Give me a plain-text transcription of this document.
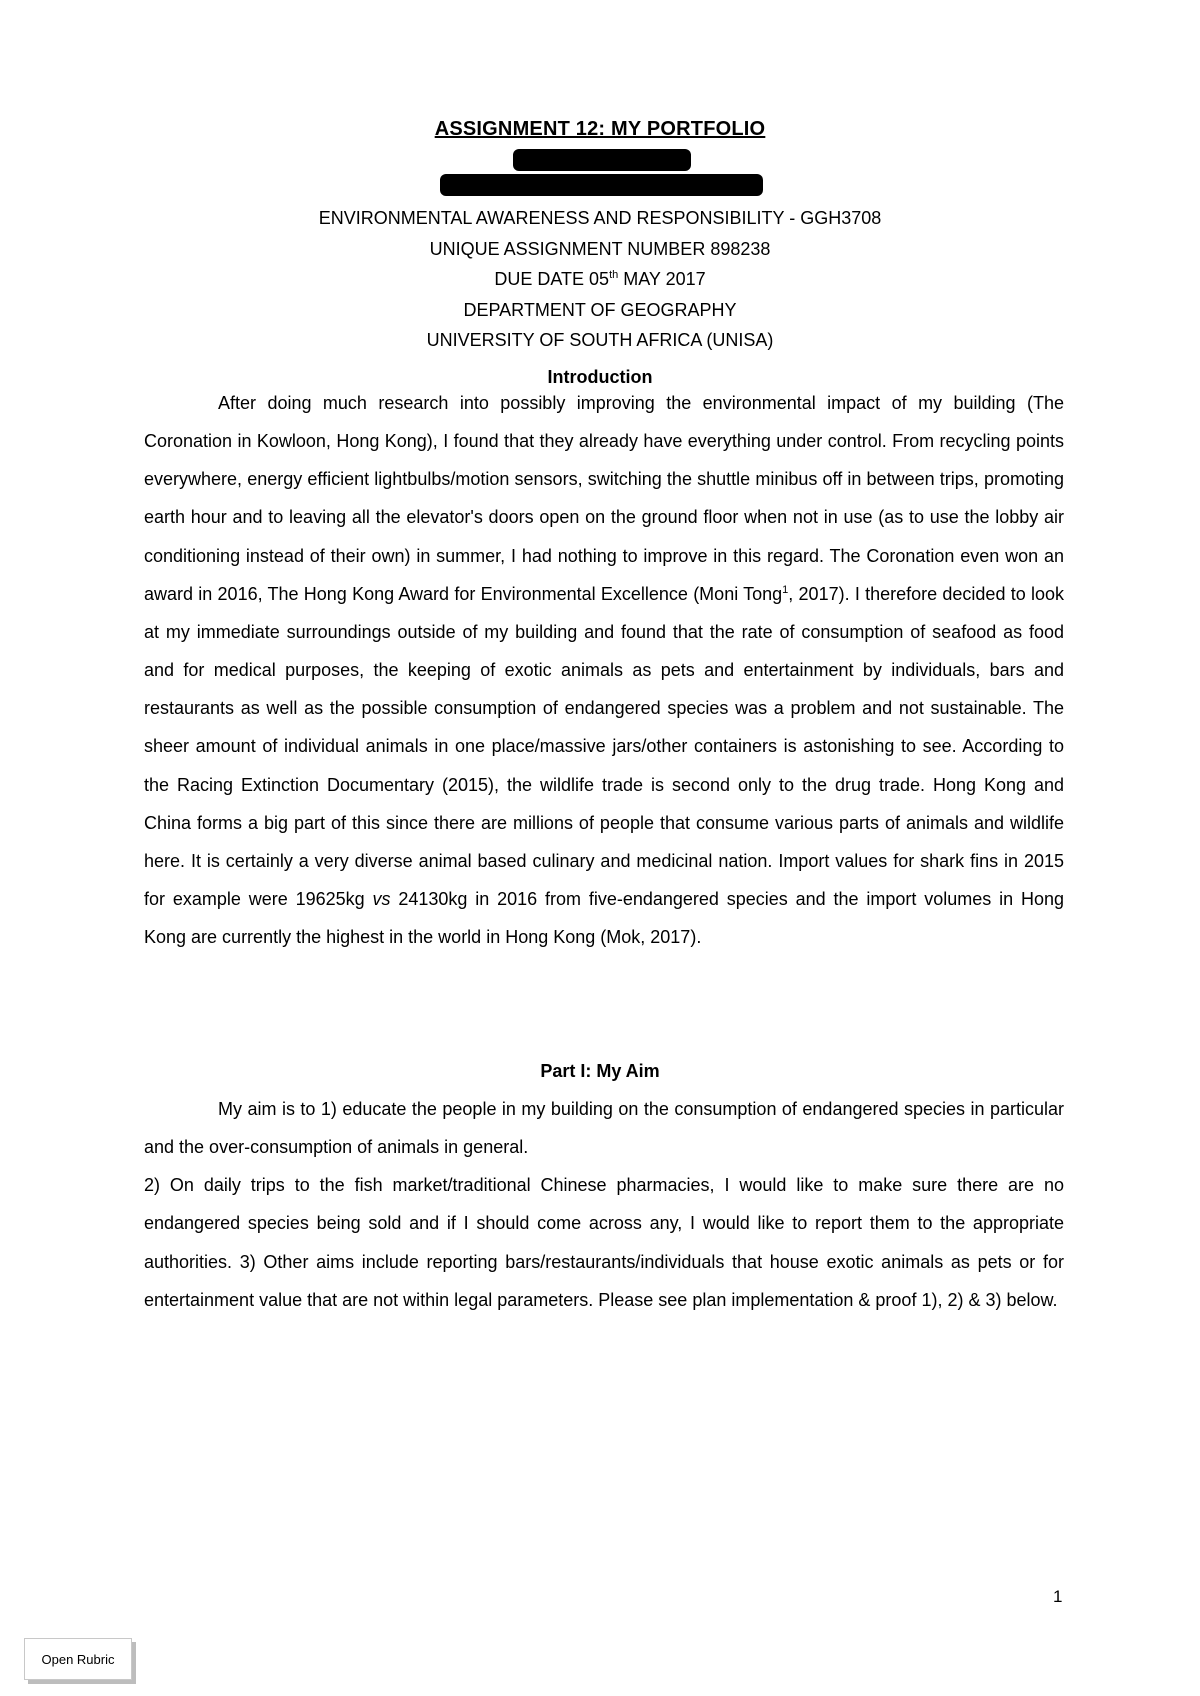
ASSIGNMENT 12: MY PORTFOLIO
ENVIRONMENTAL AWARENESS AND RESPONSIBILITY - GGH3708
UNIQUE ASSIGNMENT NUMBER 898238
DUE DATE 05th MAY 2017
DEPARTMENT OF GEOGRAPHY
UNIVERSITY OF SOUTH AFRICA (UNISA)
Introduction

After doing much research into possibly improving the environmental impact of my building (The Coronation in Kowloon, Hong Kong), I found that they already have everything under control. From recycling points everywhere, energy efficient lightbulbs/motion sensors, switching the shuttle minibus off in between trips, promoting earth hour and to leaving all the elevator's doors open on the ground floor when not in use (as to use the lobby air conditioning instead of their own) in summer, I had nothing to improve in this regard. The Coronation even won an award in 2016, The Hong Kong Award for Environmental Excellence (Moni Tong$^1$, 2017). I therefore decided to look at my immediate surroundings outside of my building and found that the rate of consumption of seafood as food and for medical purposes, the keeping of exotic animals as pets and entertainment by individuals, bars and restaurants as well as the possible consumption of endangered species was a problem and not sustainable. The sheer amount of individual animals in one place/massive jars/other containers is astonishing to see. According to the Racing Extinction Documentary (2015), the wildlife trade is second only to the drug trade. Hong Kong and China forms a big part of this since there are millions of people that consume various parts of animals and wildlife here. It is certainly a very diverse animal based culinary and medicinal nation. Import values for shark fins in 2015 for example were 19625kg vs 24130kg in 2016 from five-endangered species and the import volumes in Hong Kong are currently the highest in the world in Hong Kong (Mok, 2017).

Part I: My Aim

My aim is to 1) educate the people in my building on the consumption of endangered species in particular and the over-consumption of animals in general.

2) On daily trips to the fish market/traditional Chinese pharmacies, I would like to make sure there are no endangered species being sold and if I should come across any, I would like to report them to the appropriate authorities. 3) Other aims include reporting bars/restaurants/individuals that house exotic animals as pets or for entertainment value that are not within legal parameters. Please see plan implementation & proof 1), 2) & 3) below.

1
Open Rubric
